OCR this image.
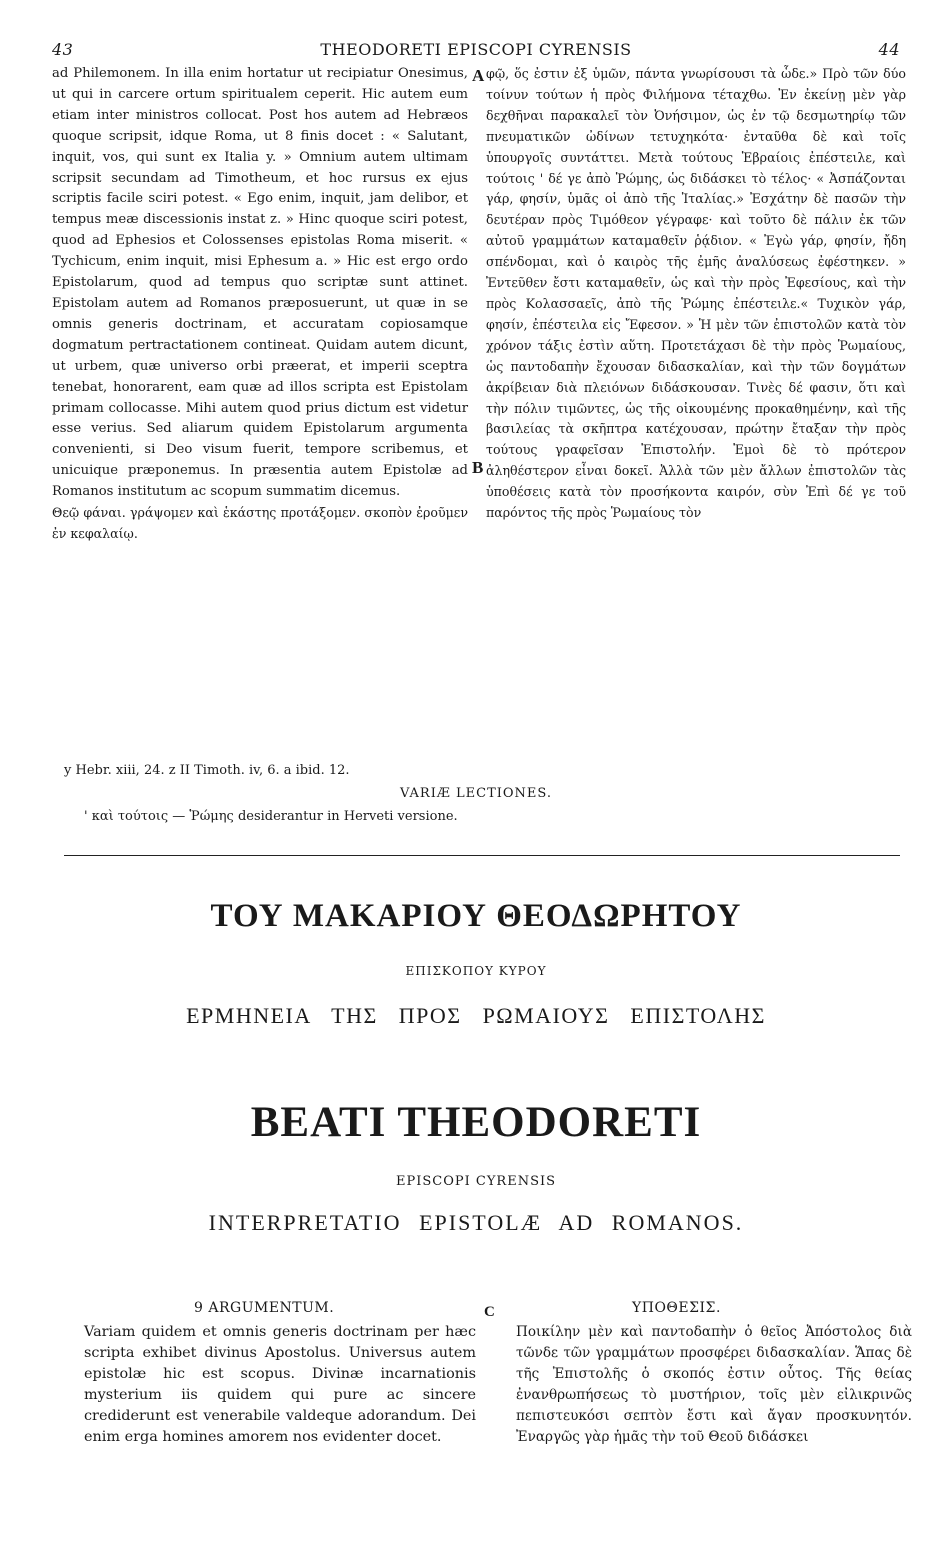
43	THEODORETI EPISCOPI CYRENSIS	44

ad Philemonem. In illa enim hortatur ut recipiatur Onesimus, ut qui in carcere ortum spiritualem ceperit. Hic autem eum etiam inter ministros collocat. Post hos autem ad Hebræos quoque scripsit, idque Roma, ut 8 finis docet : « Salutant, inquit, vos, qui sunt ex Italia y. » Omnium autem ultimam scripsit secundam ad Timotheum, et hoc rursus ex ejus scriptis facile sciri potest. « Ego enim, inquit, jam delibor, et tempus meæ discessionis instat z. » Hinc quoque sciri potest, quod ad Ephesios et Colossenses epistolas Roma miserit. « Tychicum, enim inquit, misi Ephesum a. » Hic est ergo ordo Epistolarum, quod ad tempus quo scriptæ sunt attinet. Epistolam autem ad Romanos præposuerunt, ut quæ in se omnis generis doctrinam, et accuratam copiosamque dogmatum pertractationem contineat. Quidam autem dicunt, ut urbem, quæ universo orbi præerat, et imperii sceptra tenebat, honorarent, eam quæ ad illos scripta est Epistolam primam collocasse. Mihi autem quod prius dictum est videtur esse verius. Sed aliarum quidem Epistolarum argumenta convenienti, si Deo visum fuerit, tempore scribemus, et unicuique præponemus. In præsentia autem Epistolæ ad Romanos institutum ac scopum summatim dicemus.

Θεῷ φάναι. γράψομεν καὶ ἑκάστης προτάξομεν. σκοπὸν ἐροῦμεν ἐν κεφαλαίῳ.

A
B

φῷ, ὅς ἐστιν ἐξ ὑμῶν, πάντα γνωρίσουσι τὰ ὧδε.» Πρὸ τῶν δύο τοίνυν τούτων ἡ πρὸς Φιλήμονα τέταχθω. Ἐν ἐκείνῃ μὲν γὰρ δεχθῆναι παρακαλεῖ τὸν Ὀνήσιμον, ὡς ἐν τῷ δεσμωτηρίῳ τῶν πνευματικῶν ὠδίνων τετυχηκότα· ἐνταῦθα δὲ καὶ τοῖς ὑπουργοῖς συντάττει. Μετὰ τούτους Ἑβραίοις ἐπέστειλε, καὶ τούτοις ' δέ γε ἀπὸ Ῥώμης, ὡς διδάσκει τὸ τέλος· « Ἀσπάζονται γάρ, φησίν, ὑμᾶς οἱ ἀπὸ τῆς Ἰταλίας.» Ἐσχάτην δὲ πασῶν τὴν δευτέραν πρὸς Τιμόθεον γέγραφε· καὶ τοῦτο δὲ πάλιν ἐκ τῶν αὐτοῦ γραμμάτων καταμαθεῖν ῥᾴδιον. « Ἐγὼ γάρ, φησίν, ἤδη σπένδομαι, καὶ ὁ καιρὸς τῆς ἐμῆς ἀναλύσεως ἐφέστηκεν. » Ἐντεῦθεν ἔστι καταμαθεῖν, ὡς καὶ τὴν πρὸς Ἐφεσίους, καὶ τὴν πρὸς Κολασσαεῖς, ἀπὸ τῆς Ῥώμης ἐπέστειλε.« Τυχικὸν γάρ, φησίν, ἐπέστειλα εἰς Ἔφεσον. » Ἡ μὲν τῶν ἐπιστολῶν κατὰ τὸν χρόνον τάξις ἐστὶν αὕτη. Προτετάχασι δὲ τὴν πρὸς Ῥωμαίους, ὡς παντοδαπὴν ἔχουσαν διδασκαλίαν, καὶ τὴν τῶν δογμάτων ἀκρίβειαν διὰ πλειόνων διδάσκουσαν. Τινὲς δέ φασιν, ὅτι καὶ τὴν πόλιν τιμῶντες, ὡς τῆς οἰκουμένης προκαθημένην, καὶ τῆς βασιλείας τὰ σκῆπτρα κατέχουσαν, πρώτην ἔταξαν τὴν πρὸς τούτους γραφεῖσαν Ἐπιστολήν. Ἐμοὶ δὲ τὸ πρότερον ἀληθέστερον εἶναι δοκεῖ. Ἀλλὰ τῶν μὲν ἄλλων ἐπιστολῶν τὰς ὑποθέσεις κατὰ τὸν προσήκοντα καιρόν, σὺν Ἐπὶ δέ γε τοῦ παρόντος τῆς πρὸς Ῥωμαίους τὸν

y Hebr. xiii, 24. z II Timoth. iv, 6. a ibid. 12.
VARIÆ LECTIONES.
' καὶ τούτοις — Ῥώμης desiderantur in Herveti versione.
ΤΟΥ ΜΑΚΑΡΙΟΥ ΘΕΟΔΩΡΗΤΟΥ
ΕΠΙΣΚΟΠΟΥ ΚΥΡΟΥ
ΕΡΜΗΝΕΙΑ ΤΗΣ ΠΡΟΣ ΡΩΜΑΙΟΥΣ ΕΠΙΣΤΟΛΗΣ
BEATI THEODORETI
EPISCOPI CYRENSIS
INTERPRETATIO EPISTOLÆ AD ROMANOS.
9 ARGUMENTUM.	C	ΥΠΟΘΕΣΙΣ.

Variam quidem et omnis generis doctrinam per hæc scripta exhibet divinus Apostolus. Universus autem epistolæ hic est scopus. Divinæ incarnationis mysterium iis quidem qui pure ac sincere crediderunt est venerabile valdeque adorandum. Dei enim erga homines amorem nos evidenter docet.

Ποικίλην μὲν καὶ παντοδαπὴν ὁ θεῖος Ἀπόστολος διὰ τῶνδε τῶν γραμμάτων προσφέρει διδασκαλίαν. Ἅπας δὲ τῆς Ἐπιστολῆς ὁ σκοπός ἐστιν οὗτος. Τῆς θείας ἐνανθρωπήσεως τὸ μυστήριον, τοῖς μὲν εἰλικρινῶς πεπιστευκόσι σεπτὸν ἔστι καὶ ἄγαν προσκυνητόν. Ἐναργῶς γὰρ ἡμᾶς τὴν τοῦ Θεοῦ διδάσκει
